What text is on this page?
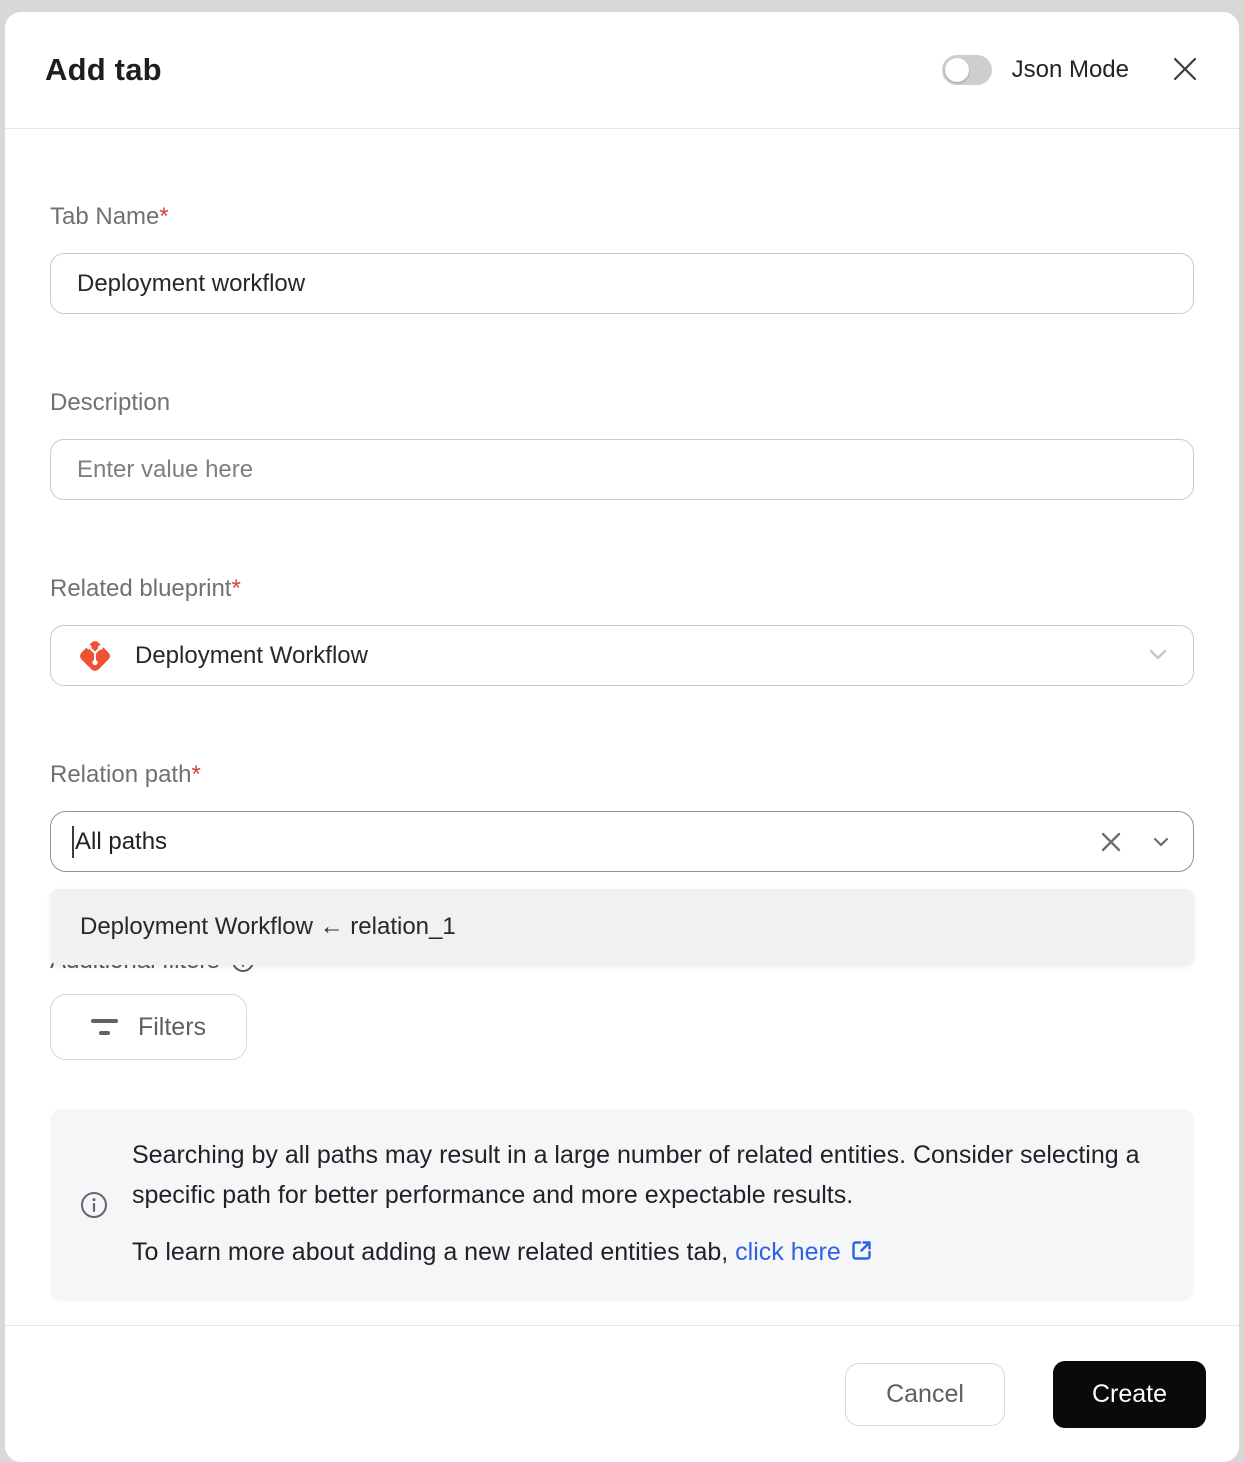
Add tab	Json Mode
Tab Name*
Deployment workflow
Description
Enter value here
Related blueprint*
Deployment Workflow
Relation path*
All paths
Deployment Workflow ← relation_1
Filters
Searching by all paths may result in a large number of related entities. Consider selecting a specific path for better performance and more expectable results.
To learn more about adding a new related entities tab, click here
Cancel	Create
